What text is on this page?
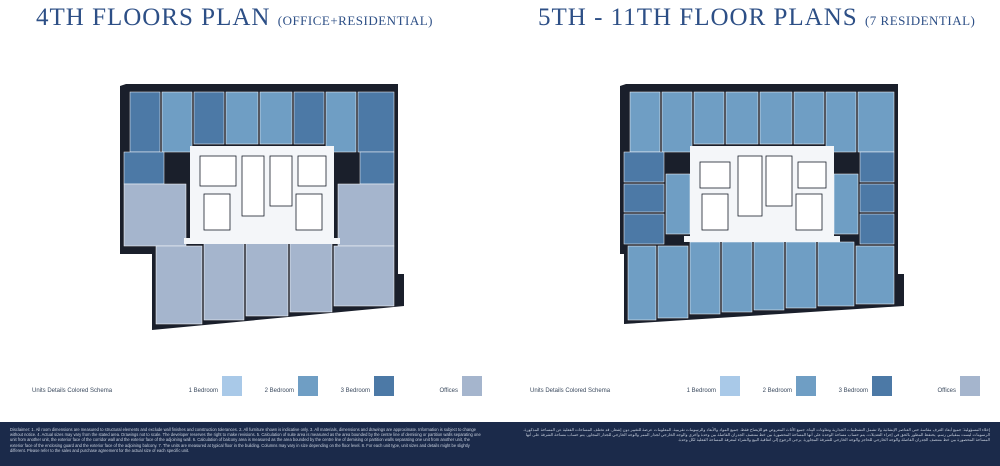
4TH FLOORS PLAN (OFFICE+RESIDENTIAL)
Units Details Colored Schema	1 Bedroom	2 Bedroom	3 Bedroom	Offices
5TH - 11TH FLOOR PLANS (7 RESIDENTIAL)
Units Details Colored Schema	1 Bedroom	2 Bedroom	3 Bedroom	Offices
Disclaimer: 1. All room dimensions are measured to structural elements and exclude wall finishes and construction tolerances. 2. All furniture shown is indicative only. 3. All materials, dimensions and drawings are approximate. Information is subject to change without notice. 4. Actual sizes may vary from the stated area. Drawings not to scale. The developer reserves the right to make revisions. 5. Calculation of suite area is measured as the area bounded by the centre line of demising or partition walls separating one unit from another unit, the exterior face of the corridor wall and the exterior face of the adjoining wall. 6. Calculation of balcony area is measured as the area bounded by the centre line of demising or partition walls separating one unit from another unit, the exterior face of the enclosing guard and the exterior face of the adjoining balcony. 7. The units are measured at typical floor in the building. Columns may vary in size depending on the floor level. 8. For each unit type, unit sizes and details might be slightly different. Please refer to the sales and purchase agreement for the actual size of each specific unit.
إخلاء المسؤولية: جميع أبعاد الغرف مقاسة حتى العناصر الإنشائية ولا تشمل التشطيبات الجدارية وتفاوتات البناء. جميع الأثاث المعروض هو للإيضاح فقط. جميع المواد والأبعاد والرسومات تقريبية. المعلومات عرضة للتغيير دون إشعار. قد تختلف المساحات الفعلية عن المساحة المذكورة. الرسومات ليست بمقياس رسم. يحتفظ المطور بالحق في إجراء التعديلات. يتم حساب مساحة الوحدة على أنها المساحة المحصورة بين خط منتصف الجدران الفاصلة بين وحدة وأخرى والوجه الخارجي لجدار الممر والوجه الخارجي للجدار المجاور. يتم حساب مساحة الشرفة على أنها المساحة المحصورة بين خط منتصف الجدران الفاصلة والوجه الخارجي للحاجز والوجه الخارجي للشرفة المجاورة. يرجى الرجوع إلى اتفاقية البيع والشراء لمعرفة المساحة الفعلية لكل وحدة.
